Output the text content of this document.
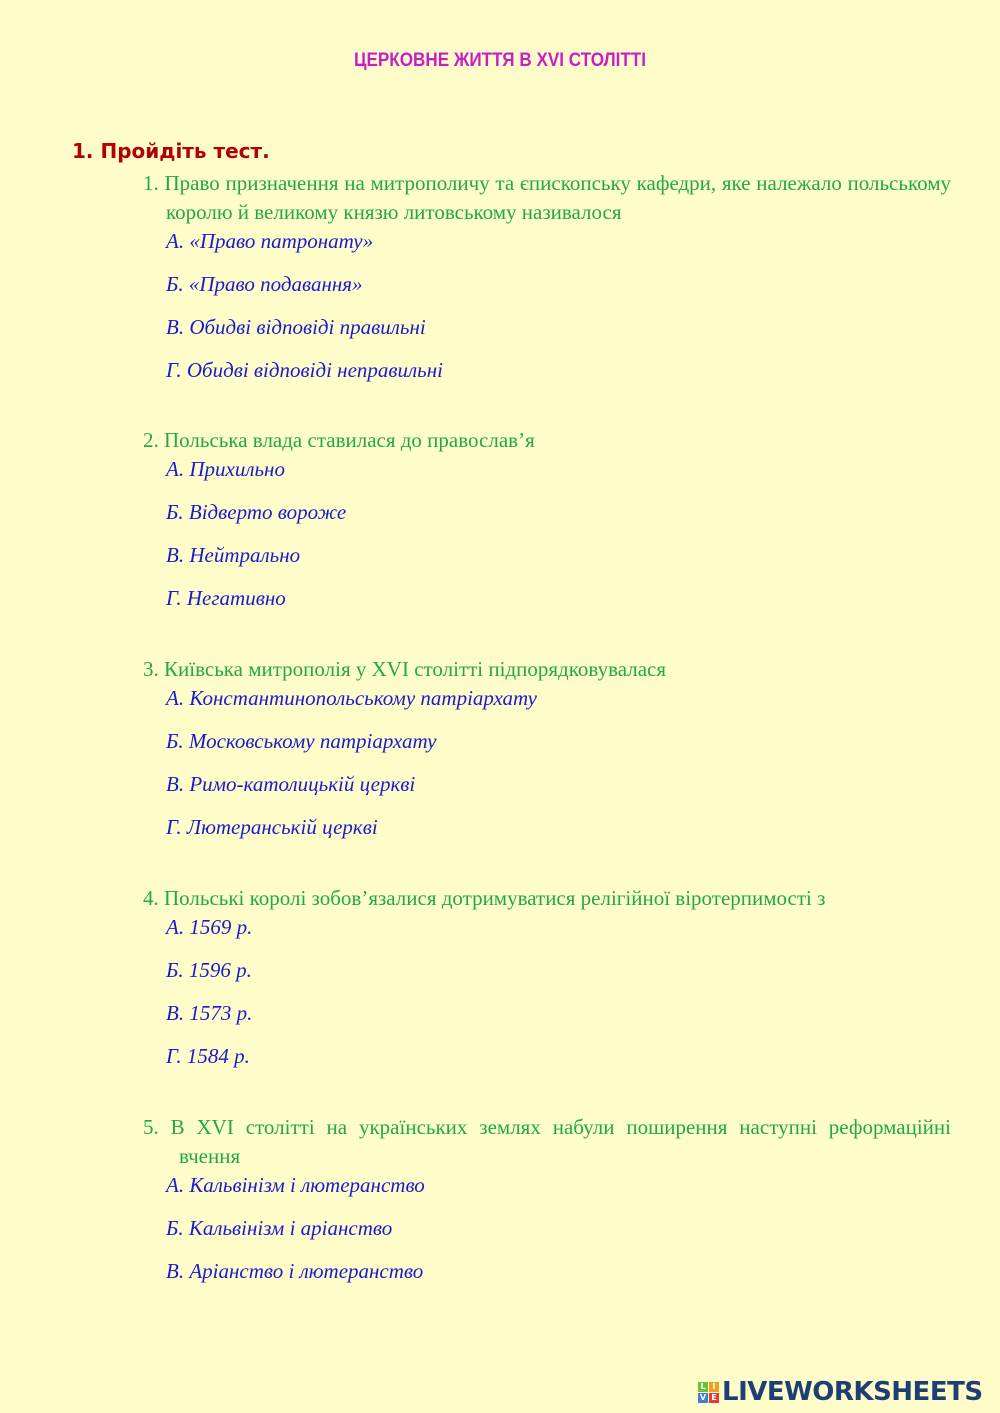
ЦЕРКОВНЕ ЖИТТЯ В XVI СТОЛІТТІ
1. Пройдіть тест.
1. Право призначення на митрополичу та єпископську кафедри, яке належало польському королю й великому князю литовському називалося
А. «Право патронату»
Б. «Право подавання»
В. Обидві відповіді правильні
Г. Обидві відповіді неправильні
2. Польська влада ставилася до православ’я
А. Прихильно
Б. Відверто вороже
В. Нейтрально
Г. Негативно
3. Київська митрополія у XVI столітті підпорядковувалася
А. Константинопольському патріархату
Б. Московському патріархату
В. Римо-католицькій церкві
Г. Лютеранській церкві
4. Польські королі зобов’язалися дотримуватися релігійної віротерпимості з
А. 1569 р.
Б. 1596 р.
В. 1573 р.
Г. 1584 р.
5. В XVI столітті на українських землях набули поширення наступні реформаційні вчення
А. Кальвінізм і лютеранство
Б. Кальвінізм і аріанство
В. Аріанство і лютеранство
L I
V E LIVEWORKSHEETS
